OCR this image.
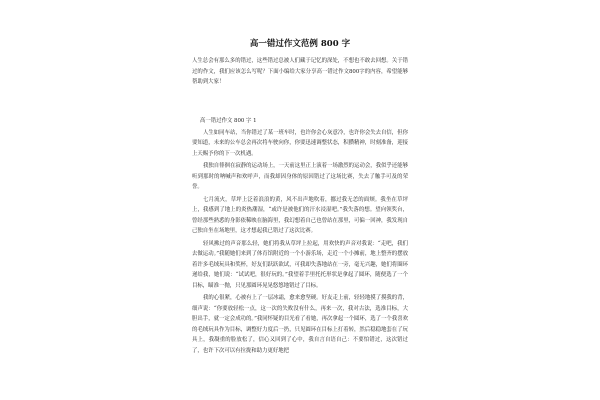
高一错过作文范例 800 字

人生总会有那么多的错过，这些错过总被人们藏于记忆的深处，不想也不敢去回想。关于错过的作文，我们应该怎么写呢？下面小编给大家分享高一错过作文800字的内容，希望能够帮助到大家！

高一错过作文 800 字 1

人生如同车站，当你错过了某一班车时，也许你会心灰意冷，也许你会失去自信，但你要知道，未来的公车总会再次将车驶向你，你要迅速调整状态，积攒精神，时刻准备，迎接上天赐予你的下一次机遇。

我独自徘徊在寂静的运动场上，一天前这里正上演着一场激烈的运动会，我似乎还能够听到那时的呐喊声和欢呼声，而我却因身体的原因错过了这场比赛，失去了触手可及的荣誉。

七月流火，草坪上泛着浪浪的黄，风不出声地吹着，挪过我无恙的面颊。我坐在草坪上，我感到了地上的炎热潮湿，“或许是被他们的汗水浸湿吧。”我失落的想。望向领奖台，曾经那些熟悉的身影依稀映在脑海里，我幻想着自己也曾站在那里，可偏一回神，我发现自己独自坐在场地里，这才想起我已错过了这次比赛。

轻风拂过的声音那么轻，她们将我从草坪上拉起，用欢快的声音对我说：“走吧，我们去做运动。”我随她们来到了体育馆附近的一个小游乐场，走近一个小摊前，地上整齐的摆放着许多毛绒玩具和奖杯，好友们跃跃欲试，可我却失落地站在一旁，毫无兴趣，她们将圈环递给我，她们说：“试试吧，很好玩的。”我望着手里托托形状是拿起了圆环，随便选了一个目标，瞄准一抛，只见那圆环晃晃悠悠地错过了目标。

我的心很紧，心被有上了一层冰霜，愈来愈坚硬。好友走上前，轻轻地摸了摸我的背，细声说：“你要放轻松一点，这一次的失败没有什么，再来一次，我对古法，选准目标，大胆出手，就一定会成功的。”我同怀疑的目光看了看她，再次拿起一个圆环，选了一个我喜欢的毛绒玩具作为目标，调整好力度后一扔，只见圆环在目标上打着转，然后稳稳地套在了玩具上，我凝重的脸放松了，信心又回到了心中，我自言自语自己：不要怕错过，这次错过了，也许下次可以有拉拢和助力更好地把
